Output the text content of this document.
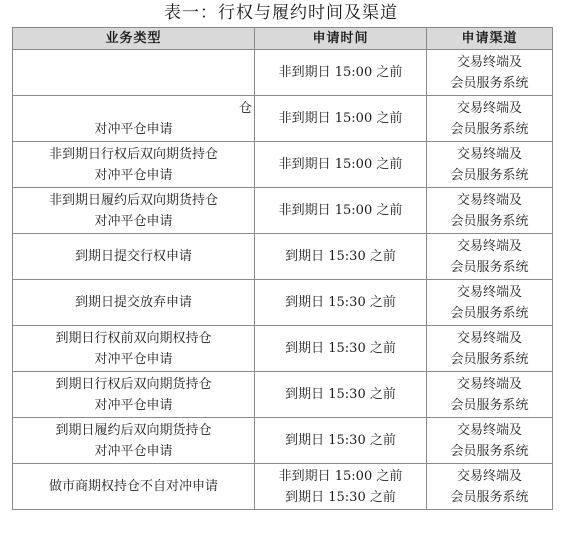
表一：行权与履约时间及渠道
业务类型	申请时间	申请渠道

	非到期日 15:00 之前	交易终端及
会员服务系统

仓
对冲平仓申请	非到期日 15:00 之前	交易终端及
会员服务系统

非到期日行权后双向期货持仓
对冲平仓申请	非到期日 15:00 之前	交易终端及
会员服务系统

非到期日履约后双向期货持仓
对冲平仓申请	非到期日 15:00 之前	交易终端及
会员服务系统

到期日提交行权申请	到期日 15:30 之前	交易终端及
会员服务系统

到期日提交放弃申请	到期日 15:30 之前	交易终端及
会员服务系统

到期日行权前双向期权持仓
对冲平仓申请	到期日 15:30 之前	交易终端及
会员服务系统

到期日行权后双向期货持仓
对冲平仓申请	到期日 15:30 之前	交易终端及
会员服务系统

到期日履约后双向期货持仓
对冲平仓申请	到期日 15:30 之前	交易终端及
会员服务系统

做市商期权持仓不自对冲申请	非到期日 15:00 之前
到期日 15:30 之前	交易终端及
会员服务系统
